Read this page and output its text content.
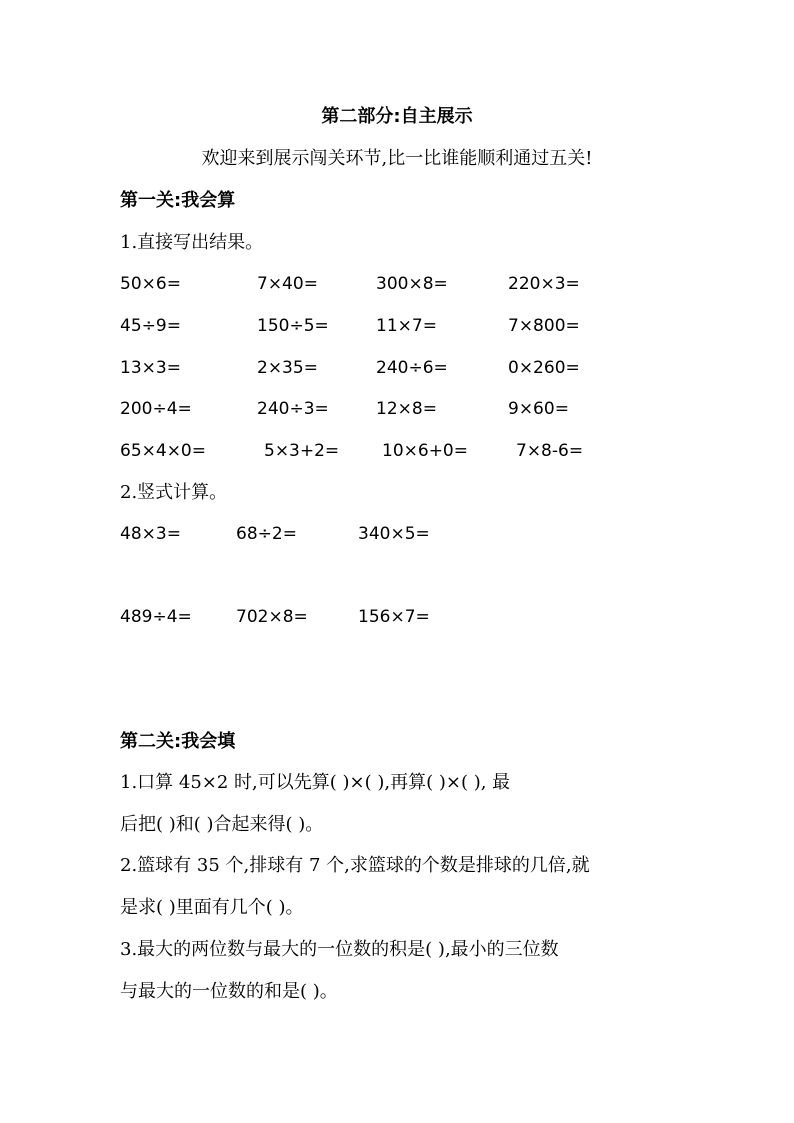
第二部分:自主展示
欢迎来到展示闯关环节,比一比谁能顺利通过五关!
第一关:我会算
1.直接写出结果。
50×6=	7×40=	300×8=	220×3=
45÷9=	150÷5=	11×7=	7×800=
13×3=	2×35=	240÷6=	0×260=
200÷4=	240÷3=	12×8=	9×60=
65×4×0=	5×3+2=	10×6+0=	7×8-6=
2.竖式计算。
48×3=	68÷2=	340×5=
489÷4=	702×8=	156×7=
第二关:我会填
1.口算 45×2 时,可以先算( )×( ),再算( )×( ), 最
后把( )和( )合起来得( )。
2.篮球有 35 个,排球有 7 个,求篮球的个数是排球的几倍,就
是求( )里面有几个( )。
3.最大的两位数与最大的一位数的积是( ),最小的三位数
与最大的一位数的和是( )。
